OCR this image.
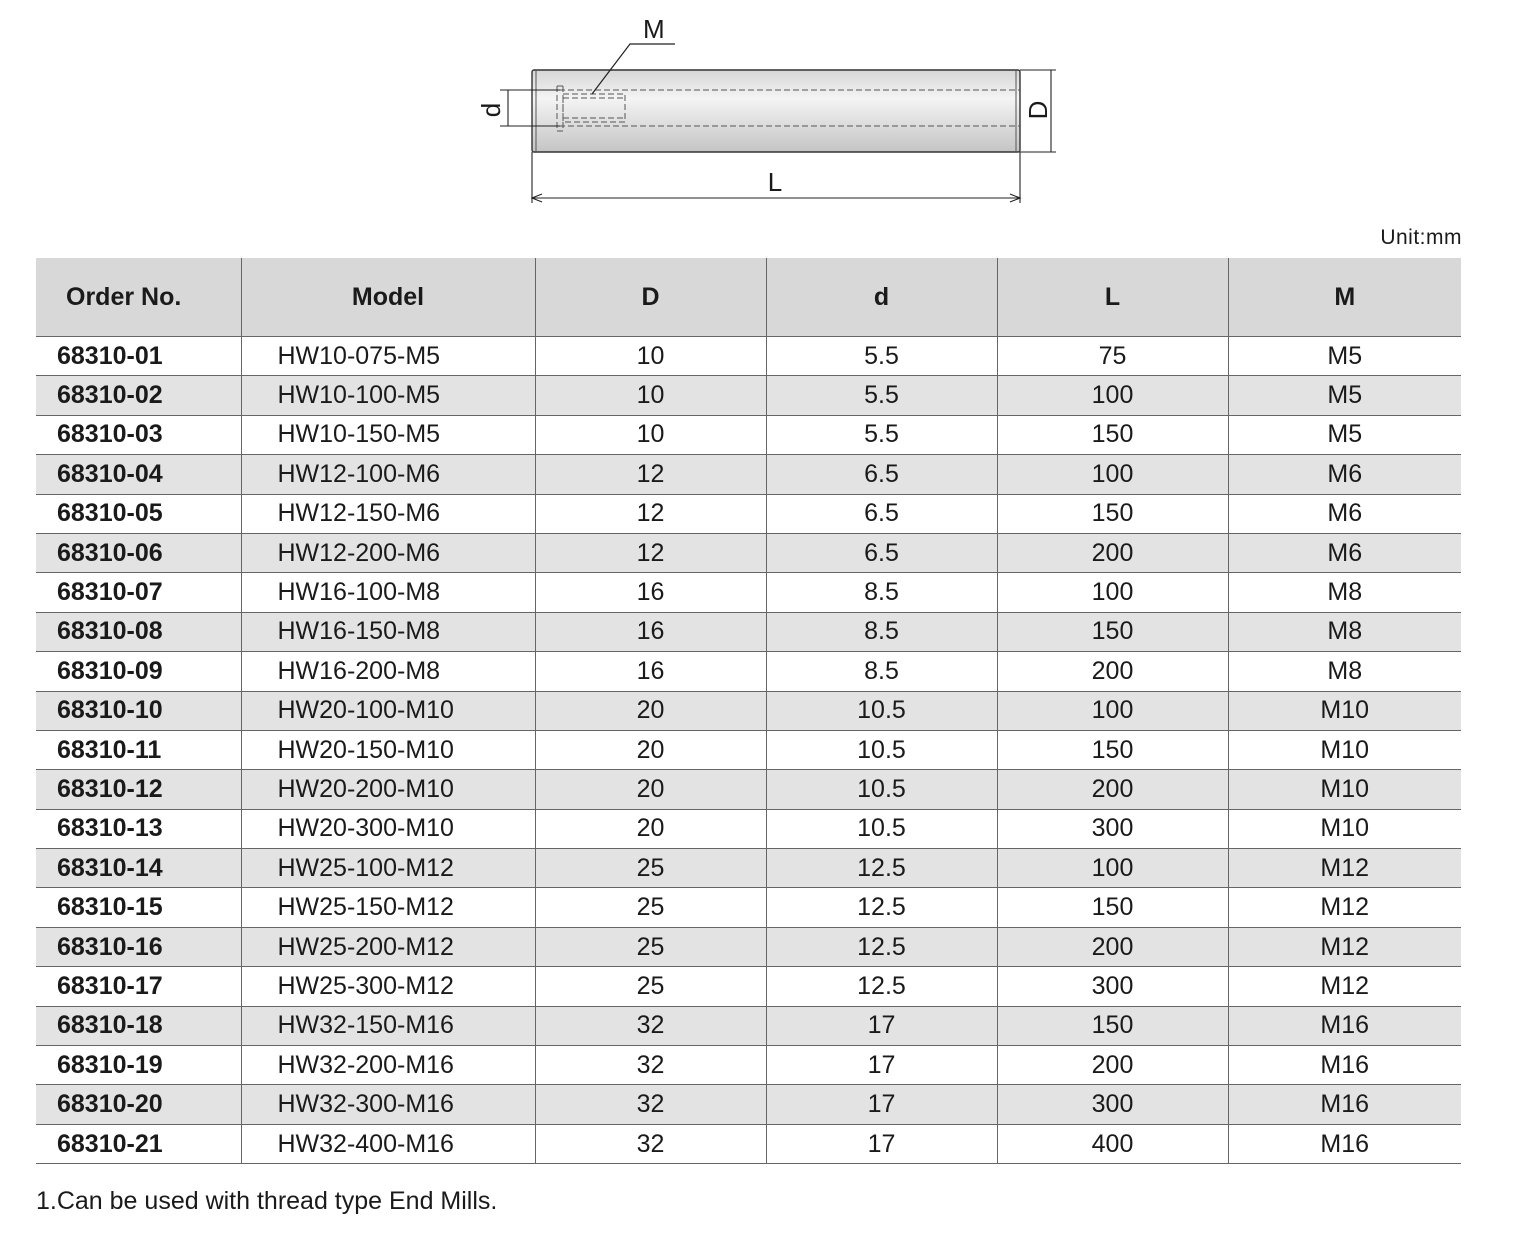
M
d	D
L
Unit:mm
Order No.	Model	D	d	L	M
68310-01	HW10-075-M5	10	5.5	75	M5
68310-02	HW10-100-M5	10	5.5	100	M5
68310-03	HW10-150-M5	10	5.5	150	M5
68310-04	HW12-100-M6	12	6.5	100	M6
68310-05	HW12-150-M6	12	6.5	150	M6
68310-06	HW12-200-M6	12	6.5	200	M6
68310-07	HW16-100-M8	16	8.5	100	M8
68310-08	HW16-150-M8	16	8.5	150	M8
68310-09	HW16-200-M8	16	8.5	200	M8
68310-10	HW20-100-M10	20	10.5	100	M10
68310-11	HW20-150-M10	20	10.5	150	M10
68310-12	HW20-200-M10	20	10.5	200	M10
68310-13	HW20-300-M10	20	10.5	300	M10
68310-14	HW25-100-M12	25	12.5	100	M12
68310-15	HW25-150-M12	25	12.5	150	M12
68310-16	HW25-200-M12	25	12.5	200	M12
68310-17	HW25-300-M12	25	12.5	300	M12
68310-18	HW32-150-M16	32	17	150	M16
68310-19	HW32-200-M16	32	17	200	M16
68310-20	HW32-300-M16	32	17	300	M16
68310-21	HW32-400-M16	32	17	400	M16
1.Can be used with thread type End Mills.
